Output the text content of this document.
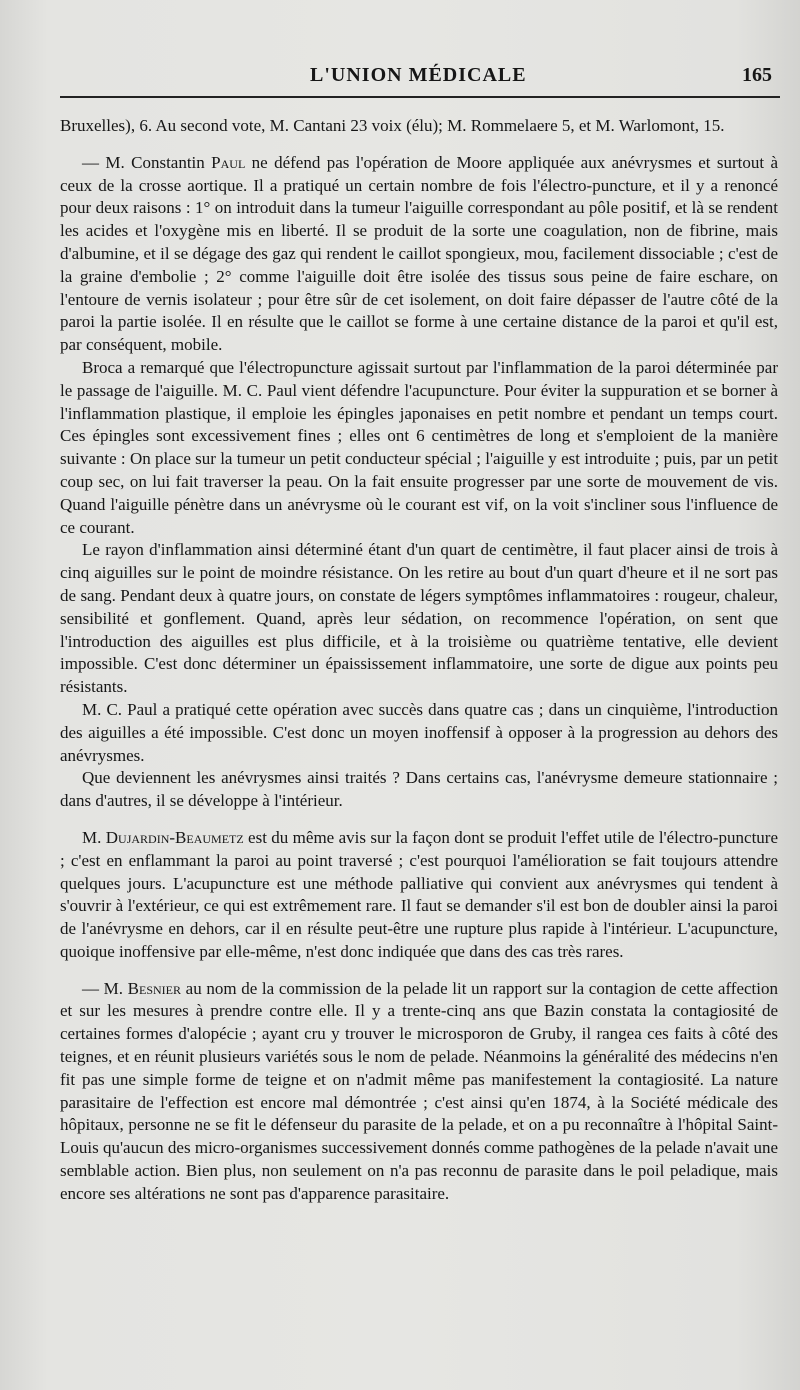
L'UNION MÉDICALE	165

Bruxelles), 6. Au second vote, M. Cantani 23 voix (élu); M. Rommelaere 5, et M. Warlomont, 15.

— M. Constantin Paul ne défend pas l'opération de Moore appliquée aux anévrysmes et surtout à ceux de la crosse aortique. Il a pratiqué un certain nombre de fois l'électro-puncture, et il y a renoncé pour deux raisons : 1° on introduit dans la tumeur l'aiguille correspondant au pôle positif, et là se rendent les acides et l'oxygène mis en liberté. Il se produit de la sorte une coagulation, non de fibrine, mais d'albumine, et il se dégage des gaz qui rendent le caillot spongieux, mou, facilement dissociable ; c'est de la graine d'embolie ; 2° comme l'aiguille doit être isolée des tissus sous peine de faire eschare, on l'entoure de vernis isolateur ; pour être sûr de cet isolement, on doit faire dépasser de l'autre côté de la paroi la partie isolée. Il en résulte que le caillot se forme à une certaine distance de la paroi et qu'il est, par conséquent, mobile.

Broca a remarqué que l'électropuncture agissait surtout par l'inflammation de la paroi déterminée par le passage de l'aiguille. M. C. Paul vient défendre l'acupuncture. Pour éviter la suppuration et se borner à l'inflammation plastique, il emploie les épingles japonaises en petit nombre et pendant un temps court. Ces épingles sont excessivement fines ; elles ont 6 centimètres de long et s'emploient de la manière suivante : On place sur la tumeur un petit conducteur spécial ; l'aiguille y est introduite ; puis, par un petit coup sec, on lui fait traverser la peau. On la fait ensuite progresser par une sorte de mouvement de vis. Quand l'aiguille pénètre dans un anévrysme où le courant est vif, on la voit s'incliner sous l'influence de ce courant.

Le rayon d'inflammation ainsi déterminé étant d'un quart de centimètre, il faut placer ainsi de trois à cinq aiguilles sur le point de moindre résistance. On les retire au bout d'un quart d'heure et il ne sort pas de sang. Pendant deux à quatre jours, on constate de légers symptômes inflammatoires : rougeur, chaleur, sensibilité et gonflement. Quand, après leur sédation, on recommence l'opération, on sent que l'introduction des aiguilles est plus difficile, et à la troisième ou quatrième tentative, elle devient impossible. C'est donc déterminer un épaississement inflammatoire, une sorte de digue aux points peu résistants.

M. C. Paul a pratiqué cette opération avec succès dans quatre cas ; dans un cinquième, l'introduction des aiguilles a été impossible. C'est donc un moyen inoffensif à opposer à la progression au dehors des anévrysmes.

Que deviennent les anévrysmes ainsi traités ? Dans certains cas, l'anévrysme demeure stationnaire ; dans d'autres, il se développe à l'intérieur.

M. Dujardin-Beaumetz est du même avis sur la façon dont se produit l'effet utile de l'électro-puncture ; c'est en enflammant la paroi au point traversé ; c'est pourquoi l'amélioration se fait toujours attendre quelques jours. L'acupuncture est une méthode palliative qui convient aux anévrysmes qui tendent à s'ouvrir à l'extérieur, ce qui est extrêmement rare. Il faut se demander s'il est bon de doubler ainsi la paroi de l'anévrysme en dehors, car il en résulte peut-être une rupture plus rapide à l'intérieur. L'acupuncture, quoique inoffensive par elle-même, n'est donc indiquée que dans des cas très rares.

— M. Besnier au nom de la commission de la pelade lit un rapport sur la contagion de cette affection et sur les mesures à prendre contre elle. Il y a trente-cinq ans que Bazin constata la contagiosité de certaines formes d'alopécie ; ayant cru y trouver le microsporon de Gruby, il rangea ces faits à côté des teignes, et en réunit plusieurs variétés sous le nom de pelade. Néanmoins la généralité des médecins n'en fit pas une simple forme de teigne et on n'admit même pas manifestement la contagiosité. La nature parasitaire de l'effection est encore mal démontrée ; c'est ainsi qu'en 1874, à la Société médicale des hôpitaux, personne ne se fit le défenseur du parasite de la pelade, et on a pu reconnaître à l'hôpital Saint-Louis qu'aucun des micro-organismes successivement donnés comme pathogènes de la pelade n'avait une semblable action. Bien plus, non seulement on n'a pas reconnu de parasite dans le poil peladique, mais encore ses altérations ne sont pas d'apparence parasitaire.
